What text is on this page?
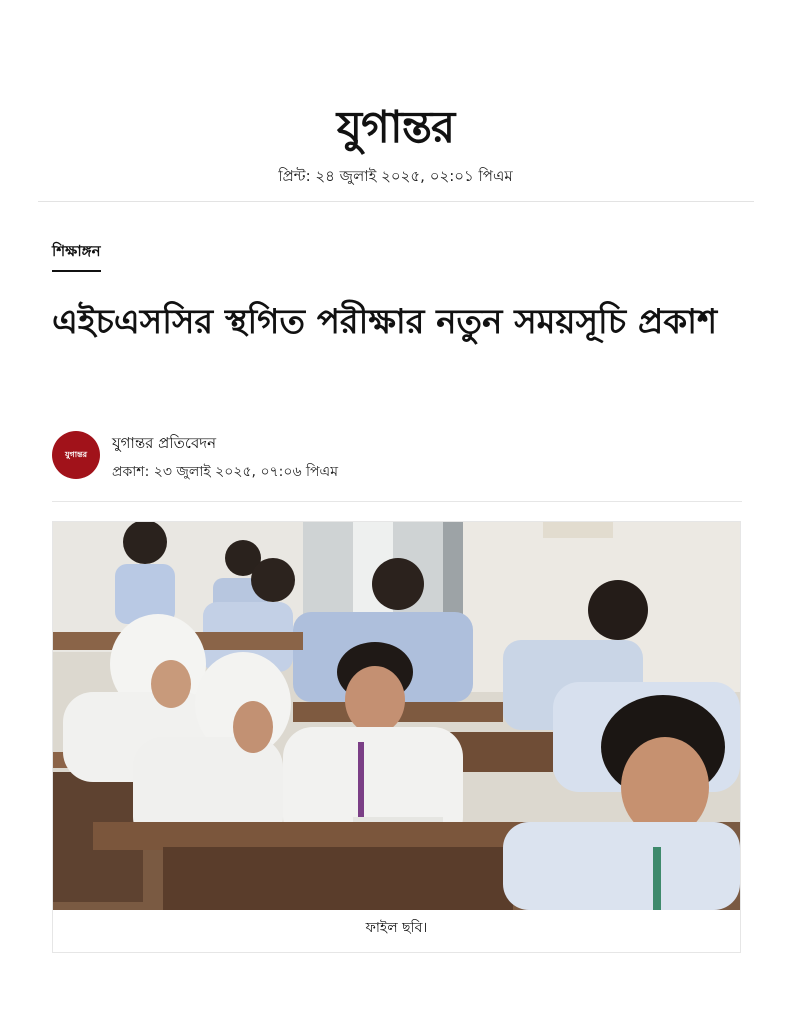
যুগান্তর
প্রিন্ট: ২৪ জুলাই ২০২৫, ০২:০১ পিএম
শিক্ষাঙ্গন
এইচএসসির স্থগিত পরীক্ষার নতুন সময়সূচি প্রকাশ
যুগান্তর
যুগান্তর প্রতিবেদন
প্রকাশ: ২৩ জুলাই ২০২৫, ০৭:০৬ পিএম
ফাইল ছবি।
